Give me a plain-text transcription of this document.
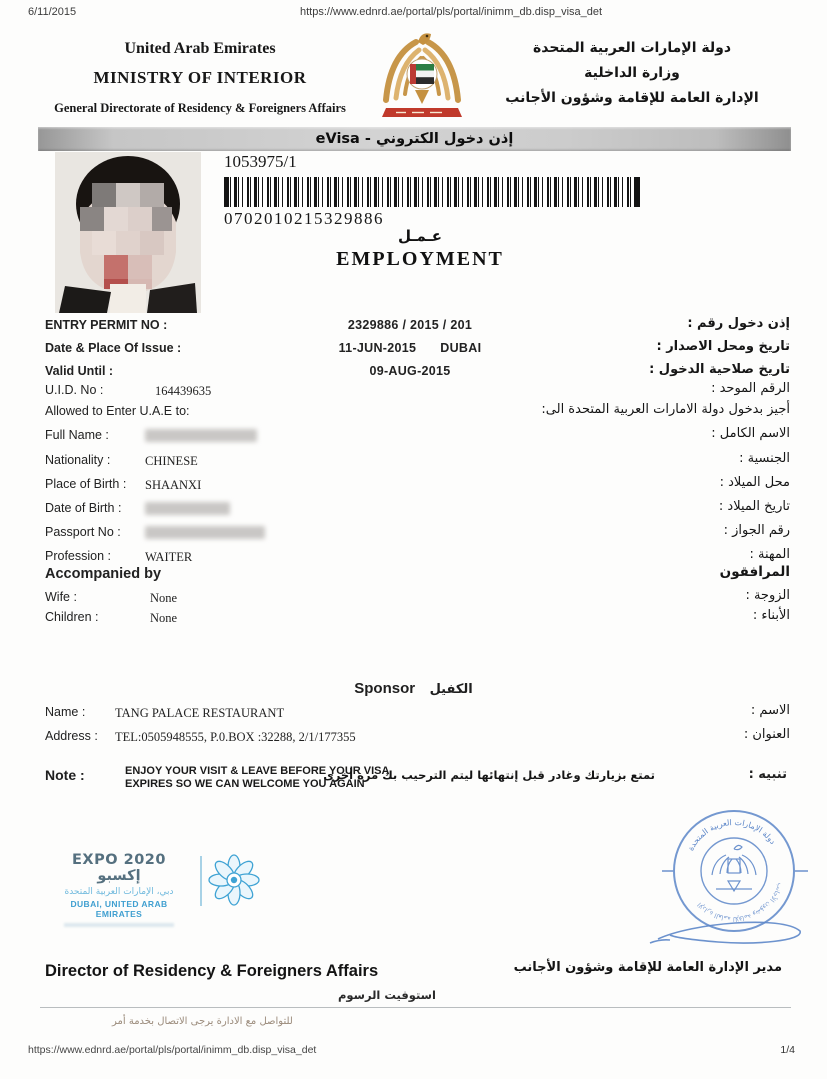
6/11/2015	https://www.ednrd.ae/portal/pls/portal/inimm_db.disp_visa_det
United Arab Emirates
MINISTRY OF INTERIOR
General Directorate of Residency & Foreigners Affairs
دولة الإمارات العربية المتحدة
وزارة الداخلية
الإدارة العامة للإقامة وشؤون الأجانب
eVisa - إذن دخول الكتروني
1053975/1
0702010215329886
عـمـل
EMPLOYMENT
ENTRY PERMIT NO :	2329886 / 2015 / 201	إذن دخول رقم :
Date & Place Of Issue :	11-JUN-2015 DUBAI	تاريخ ومحل الاصدار :
Valid Until :	09-AUG-2015	تاريخ صلاحية الدخول :
U.I.D. No :	164439635	الرقم الموحد :
Allowed to Enter U.A.E to:	أجيز بدخول دولة الامارات العربية المتحدة الى:
Full Name :	الاسم الكامل :
Nationality :	CHINESE	الجنسية :
Place of Birth : SHAANXI	محل الميلاد :
Date of Birth :	تاريخ الميلاد :
Passport No :	رقم الجواز :
Profession :	WAITER	المهنة :
Accompanied by	المرافقون
Wife :	None	الزوجة :
Children :	None	الأبناء :
Sponsor الكفيل
Name : TANG PALACE RESTAURANT	الاسم :
Address : TEL:0505948555, P.0.BOX :32288, 2/1/177355	العنوان :
Note :	ENJOY YOUR VISIT & LEAVE BEFORE YOUR VISA EXPIRES SO WE CAN WELCOME YOU AGAIN
تمتع بزيارتك وغادر قبل إنتهائها ليتم الترحيب بك مرة أخرى	تنبيه :
EXPO 2020 إكسبو
دبي، الإمارات العربية المتحدة
DUBAI, UNITED ARAB EMIRATES
دولة الإمارات العربية المتحدة
الإدارة العامة للإقامة وشؤون الأجانب
Director of Residency & Foreigners Affairs	مدير الإدارة العامة للإقامة وشؤون الأجانب
استوفيت الرسوم
للتواصل مع الادارة يرجى الاتصال بخدمة أمر
https://www.ednrd.ae/portal/pls/portal/inimm_db.disp_visa_det	1/4
